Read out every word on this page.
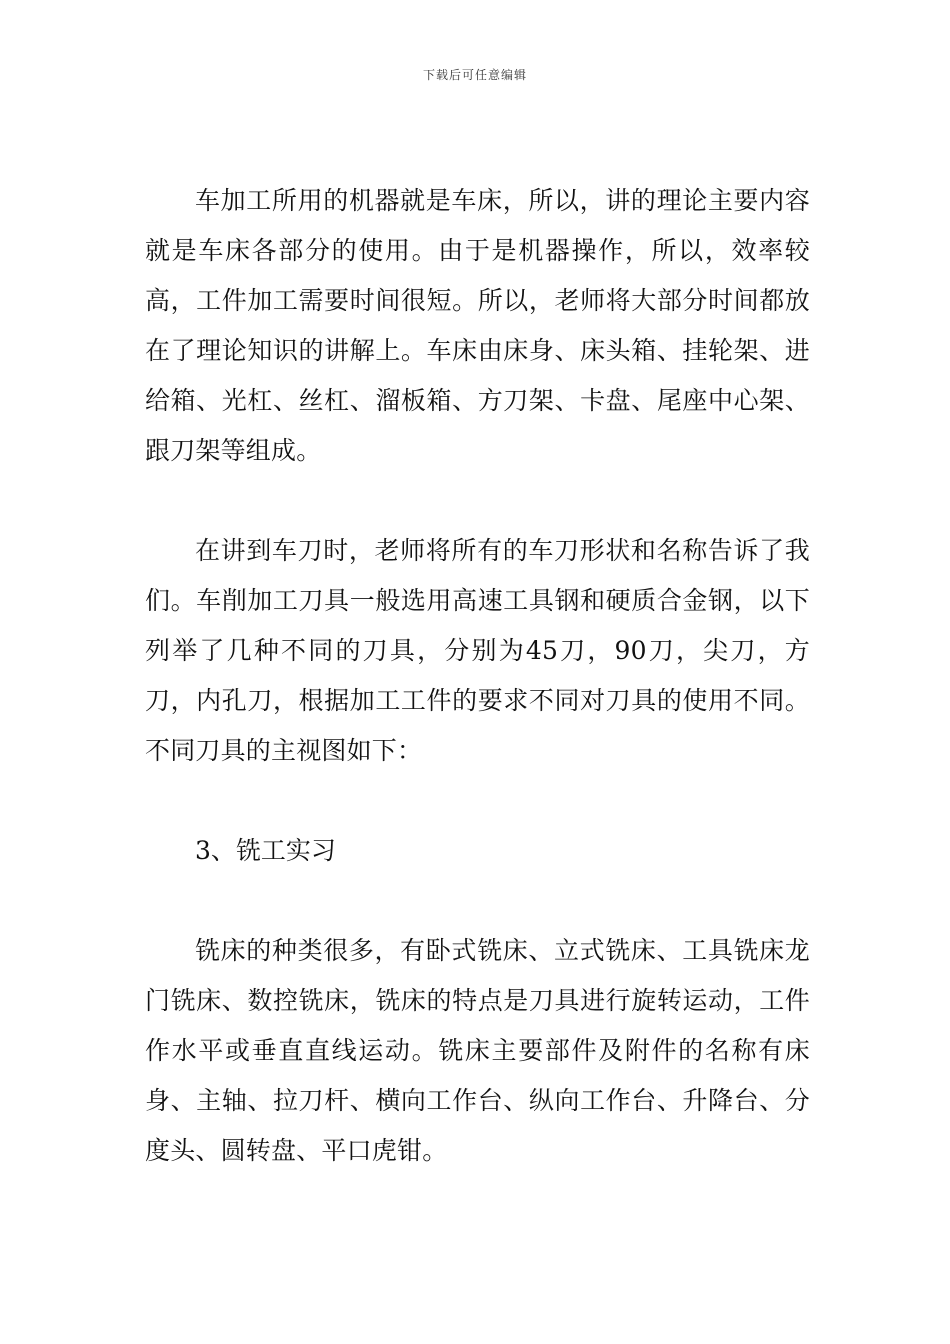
下载后可任意编辑

车加工所用的机器就是车床，所以，讲的理论主要内容就是车床各部分的使用。由于是机器操作，所以，效率较高，工件加工需要时间很短。所以，老师将大部分时间都放在了理论知识的讲解上。车床由床身、床头箱、挂轮架、进给箱、光杠、丝杠、溜板箱、方刀架、卡盘、尾座中心架、跟刀架等组成。

在讲到车刀时，老师将所有的车刀形状和名称告诉了我们。车削加工刀具一般选用高速工具钢和硬质合金钢，以下列举了几种不同的刀具，分别为45刀，90刀，尖刀，方刀，内孔刀，根据加工工件的要求不同对刀具的使用不同。不同刀具的主视图如下：

3、铣工实习

铣床的种类很多，有卧式铣床、立式铣床、工具铣床龙门铣床、数控铣床，铣床的特点是刀具进行旋转运动，工件作水平或垂直直线运动。铣床主要部件及附件的名称有床身、主轴、拉刀杆、横向工作台、纵向工作台、升降台、分度头、圆转盘、平口虎钳。
